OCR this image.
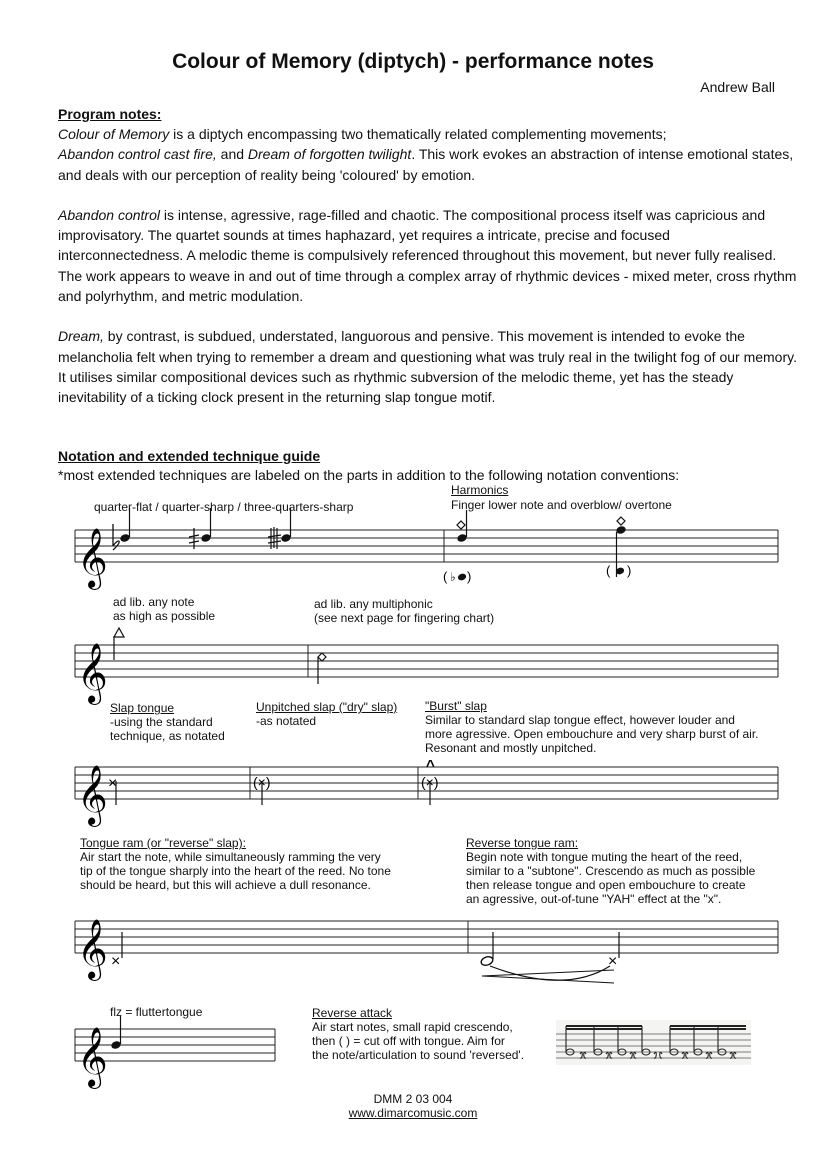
Colour of Memory (diptych) - performance notes
Andrew Ball
Program notes:

Colour of Memory is a diptych encompassing two thematically related complementing movements;
Abandon control cast fire, and Dream of forgotten twilight. This work evokes an abstraction of intense emotional states, and deals with our perception of reality being 'coloured' by emotion.

Abandon control is intense, agressive, rage-filled and chaotic. The compositional process itself was capricious and improvisatory. The quartet sounds at times haphazard, yet requires a intricate, precise and focused interconnectedness. A melodic theme is compulsively referenced throughout this movement, but never fully realised. The work appears to weave in and out of time through a complex array of rhythmic devices - mixed meter, cross rhythm and polyrhythm, and metric modulation.

Dream, by contrast, is subdued, understated, languorous and pensive. This movement is intended to evoke the melancholia felt when trying to remember a dream and questioning what was truly real in the twilight fog of our memory. It utilises similar compositional devices such as rhythmic subversion of the melodic theme, yet has the steady inevitability of a ticking clock present in the returning slap tongue motif.

Notation and extended technique guide
*most extended techniques are labeled on the parts in addition to the following notation conventions:
quarter-flat / quarter-sharp / three-quarters-sharp
Harmonics
Finger lower note and overblow/ overtone
𝄞	( ♭ )	( )
ad lib. any note
as high as possible
ad lib. any multiphonic
(see next page for fingering chart)
𝄞
Slap tongue
-using the standard
technique, as notated
Unpitched slap ("dry" slap)
-as notated
"Burst" slap
Similar to standard slap tongue effect, however louder and
more agressive. Open embouchure and very sharp burst of air.
Resonant and mostly unpitched.
𝄞 ×	(×)
^
(×)
Tongue ram (or "reverse" slap):
Air start the note, while simultaneously ramming the very
tip of the tongue sharply into the heart of the reed. No tone
should be heard, but this will achieve a dull resonance.
Reverse tongue ram:
Begin note with tongue muting the heart of the reed,
similar to a "subtone". Crescendo as much as possible
then release tongue and open embouchure to create
an agressive, out-of-tune "YAH" effect at the "x".
𝄞 ×	×
flz = fluttertongue	Reverse attack
Air start notes, small rapid crescendo,
then ( ) = cut off with tongue. Aim for
the note/articulation to sound 'reversed'.
𝄞
DMM 2 03 004
www.dimarcomusic.com
